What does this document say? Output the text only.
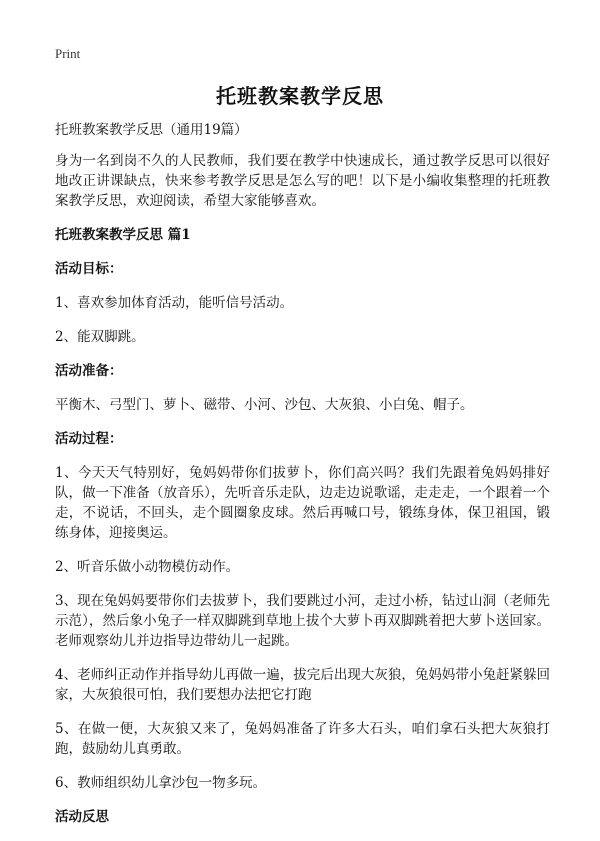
Print
托班教案教学反思

托班教案教学反思（通用19篇）

身为一名到岗不久的人民教师，我们要在教学中快速成长，通过教学反思可以很好地改正讲课缺点，快来参考教学反思是怎么写的吧！以下是小编收集整理的托班教案教学反思，欢迎阅读，希望大家能够喜欢。

托班教案教学反思 篇1

活动目标：

1、喜欢参加体育活动，能听信号活动。

2、能双脚跳。

活动准备：

平衡木、弓型门、萝卜、磁带、小河、沙包、大灰狼、小白兔、帽子。

活动过程：

1、今天天气特别好，兔妈妈带你们拔萝卜，你们高兴吗？我们先跟着兔妈妈排好队，做一下准备（放音乐），先听音乐走队，边走边说歌谣，走走走，一个跟着一个走，不说话，不回头，走个圆圈象皮球。然后再喊口号，锻练身体，保卫祖国，锻练身体，迎接奥运。

2、听音乐做小动物模仿动作。

3、现在兔妈妈要带你们去拔萝卜，我们要跳过小河，走过小桥，钻过山洞（老师先示范），然后象小兔子一样双脚跳到草地上拔个大萝卜再双脚跳着把大萝卜送回家。老师观察幼儿并边指导边带幼儿一起跳。

4、老师纠正动作并指导幼儿再做一遍，拔完后出现大灰狼，兔妈妈带小兔赶紧躲回家，大灰狼很可怕，我们要想办法把它打跑

5、在做一便，大灰狼又来了，兔妈妈准备了许多大石头，咱们拿石头把大灰狼打跑，鼓励幼儿真勇敢。

6、教师组织幼儿拿沙包一物多玩。

活动反思
